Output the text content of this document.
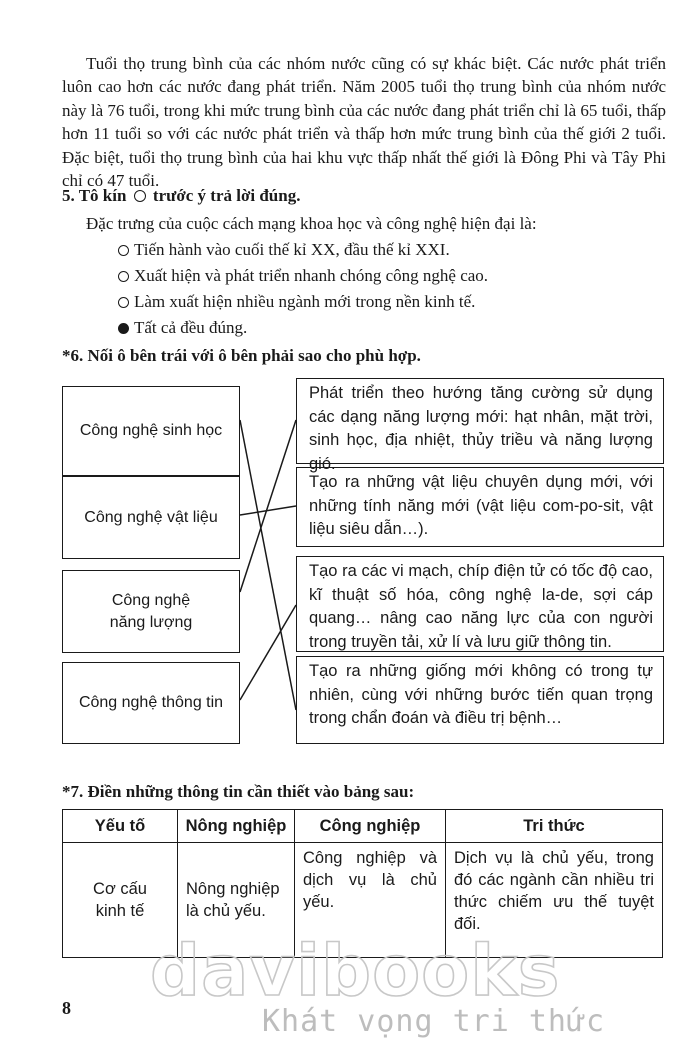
Tuổi thọ trung bình của các nhóm nước cũng có sự khác biệt. Các nước phát triển luôn cao hơn các nước đang phát triển. Năm 2005 tuổi thọ trung bình của nhóm nước này là 76 tuổi, trong khi mức trung bình của các nước đang phát triển chỉ là 65 tuổi, thấp hơn 11 tuổi so với các nước phát triển và thấp hơn mức trung bình của thế giới 2 tuổi. Đặc biệt, tuổi thọ trung bình của hai khu vực thấp nhất thế giới là Đông Phi và Tây Phi chỉ có 47 tuổi.
5. Tô kín trước ý trả lời đúng.
Đặc trưng của cuộc cách mạng khoa học và công nghệ hiện đại là:
Tiến hành vào cuối thế kỉ XX, đầu thế kỉ XXI.
Xuất hiện và phát triển nhanh chóng công nghệ cao.
Làm xuất hiện nhiều ngành mới trong nền kinh tế.
Tất cả đều đúng.
*6. Nối ô bên trái với ô bên phải sao cho phù hợp.
Công nghệ sinh học
Công nghệ vật liệu
Công nghệ năng lượng
Công nghệ thông tin
Phát triển theo hướng tăng cường sử dụng các dạng năng lượng mới: hạt nhân, mặt trời, sinh học, địa nhiệt, thủy triều và năng lượng gió.
Tạo ra những vật liệu chuyên dụng mới, với những tính năng mới (vật liệu com-po-sit, vật liệu siêu dẫn…).
Tạo ra các vi mạch, chíp điện tử có tốc độ cao, kĩ thuật số hóa, công nghệ la-de, sợi cáp quang… nâng cao năng lực của con người trong truyền tải, xử lí và lưu giữ thông tin.
Tạo ra những giống mới không có trong tự nhiên, cùng với những bước tiến quan trọng trong chẩn đoán và điều trị bệnh…
*7. Điền những thông tin cần thiết vào bảng sau:
Yếu tố	Nông nghiệp	Công nghiệp	Tri thức
Cơ cấu kinh tế	Nông nghiệp là chủ yếu.	Công nghiệp và dịch vụ là chủ yếu.	Dịch vụ là chủ yếu, trong đó các ngành cần nhiều tri thức chiếm ưu thế tuyệt đối.
davibooks
Khát vọng tri thức
8
